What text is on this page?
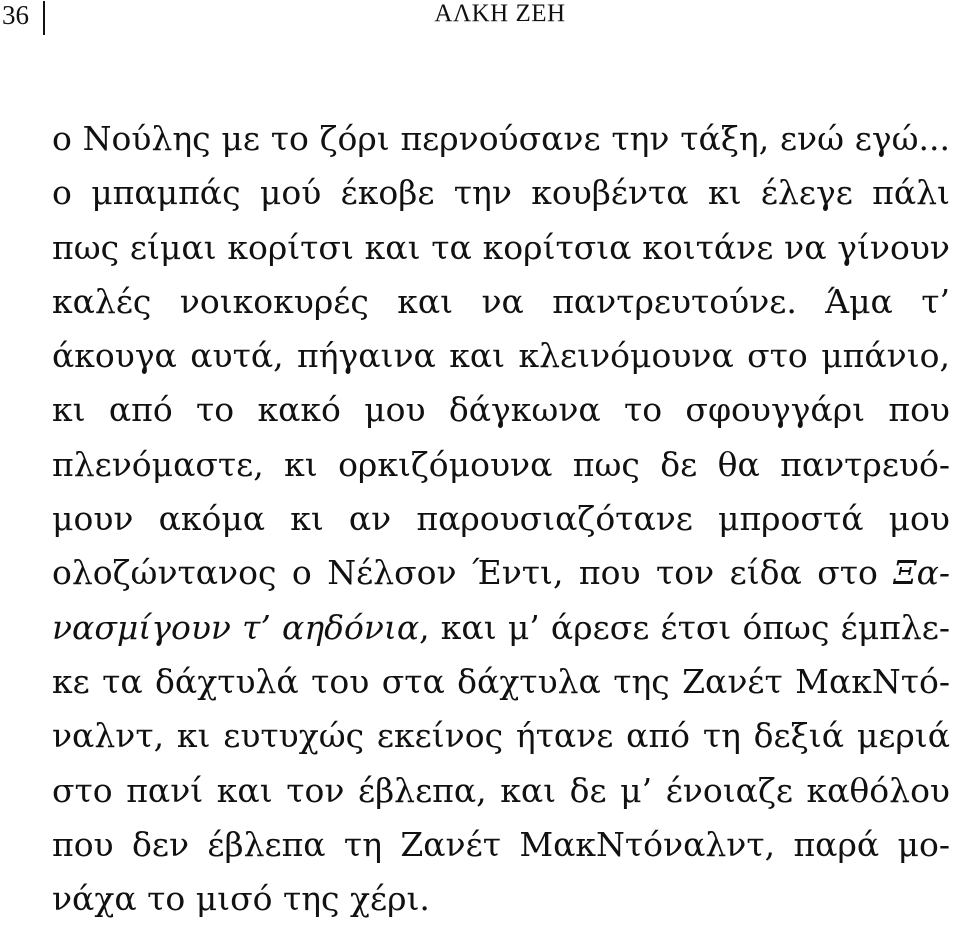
36	ΑΛΚΗ ΖΕΗ
ο Νούλης με το ζόρι περνούσανε την τάξη, ενώ εγώ...
ο μπαμπάς μού έκοβε την κουβέντα κι έλεγε πάλι
πως είμαι κορίτσι και τα κορίτσια κοιτάνε να γίνουν
καλές νοικοκυρές και να παντρευτούνε. Άμα τ’
άκουγα αυτά, πήγαινα και κλεινόμουνα στο μπάνιο,
κι από το κακό μου δάγκωνα το σφουγγάρι που
πλενόμαστε, κι ορκιζόμουνα πως δε θα παντρευό-
μουν ακόμα κι αν παρουσιαζότανε μπροστά μου
ολοζώντανος ο Νέλσον Έντι, που τον είδα στο Ξα-
νασμίγουν τ’ αηδόνια, και μ’ άρεσε έτσι όπως έμπλε-
κε τα δάχτυλά του στα δάχτυλα της Ζανέτ ΜακΝτό-
ναλντ, κι ευτυχώς εκείνος ήτανε από τη δεξιά μεριά
στο πανί και τον έβλεπα, και δε μ’ ένοιαζε καθόλου
που δεν έβλεπα τη Ζανέτ ΜακΝτόναλντ, παρά μο-
νάχα το μισό της χέρι.
